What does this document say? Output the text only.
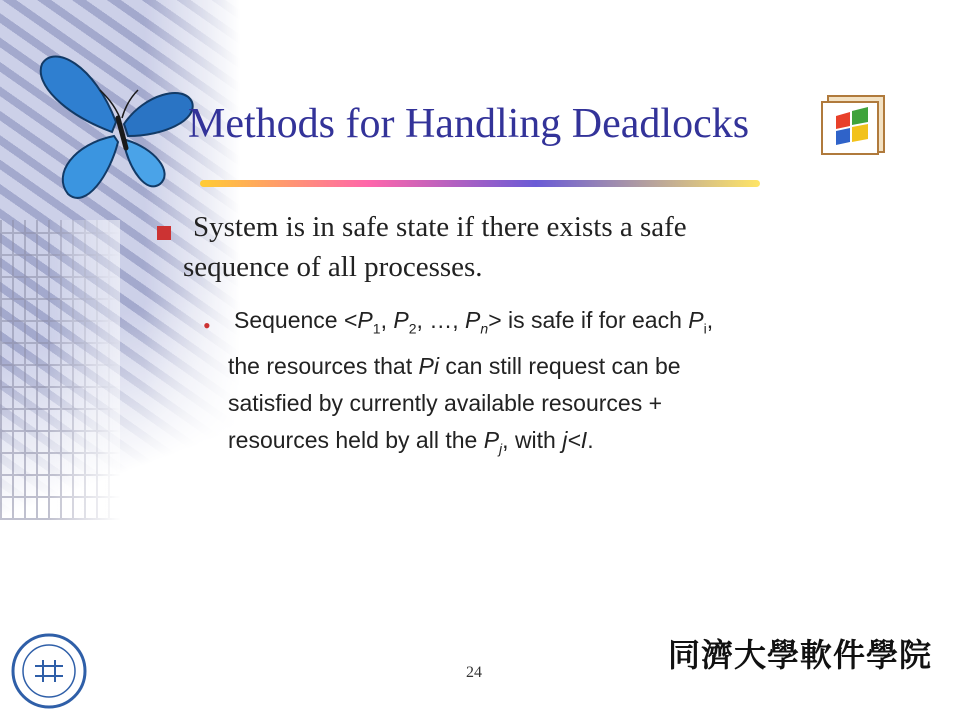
Methods for Handling Deadlocks
System is in safe state if there exists a safe
sequence of all processes.
• Sequence $<P_1$, $P_2$, …, $P_n>$ is safe if for each $P_i$,
the resources that Pi can still request can be
satisfied by currently available resources +
resources held by all the $P_j$, with j<I.
24	同濟大學軟件學院
